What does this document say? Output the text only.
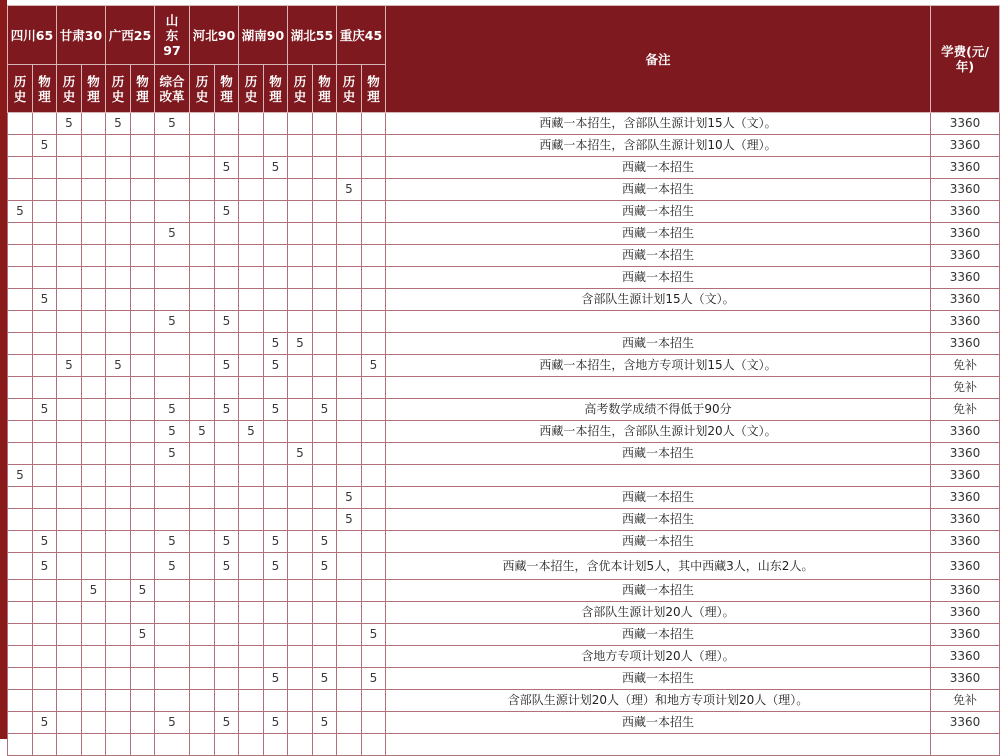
四川65		甘肃30		广西25		山东97	河北90		湖南90		湖北55		重庆45		备注	学费(元/年)
历史	物理	历史	物理	历史	物理	综合改革	历史	物理	历史	物理	历史	物理	历史	物理		
		5		5		5									西藏一本招生，含部队生源计划15人（文）。	3360
	5														西藏一本招生，含部队生源计划10人（理）。	3360
								5		5					西藏一本招生	3360
													5		西藏一本招生	3360
5								5							西藏一本招生	3360
						5									西藏一本招生	3360
															西藏一本招生	3360
															西藏一本招生	3360
	5														含部队生源计划15人（文）。	3360
						5		5								3360
										5	5				西藏一本招生	3360
		5		5				5		5				5	西藏一本招生，含地方专项计划15人（文）。	免补
																免补
	5					5		5		5		5			高考数学成绩不得低于90分	免补
						5	5		5						西藏一本招生，含部队生源计划20人（文）。	3360
						5					5				西藏一本招生	3360
5																3360
													5		西藏一本招生	3360
													5		西藏一本招生	3360
	5					5		5		5		5			西藏一本招生	3360
	5					5		5		5		5			西藏一本招生，含优本计划5人，其中西藏3人，山东2人。	3360
			5		5										西藏一本招生	3360
															含部队生源计划20人（理）。	3360
					5									5	西藏一本招生	3360
															含地方专项计划20人（理）。	3360
										5		5		5	西藏一本招生	3360
															含部队生源计划20人（理）和地方专项计划20人（理）。	免补
	5					5		5		5		5			西藏一本招生	3360
